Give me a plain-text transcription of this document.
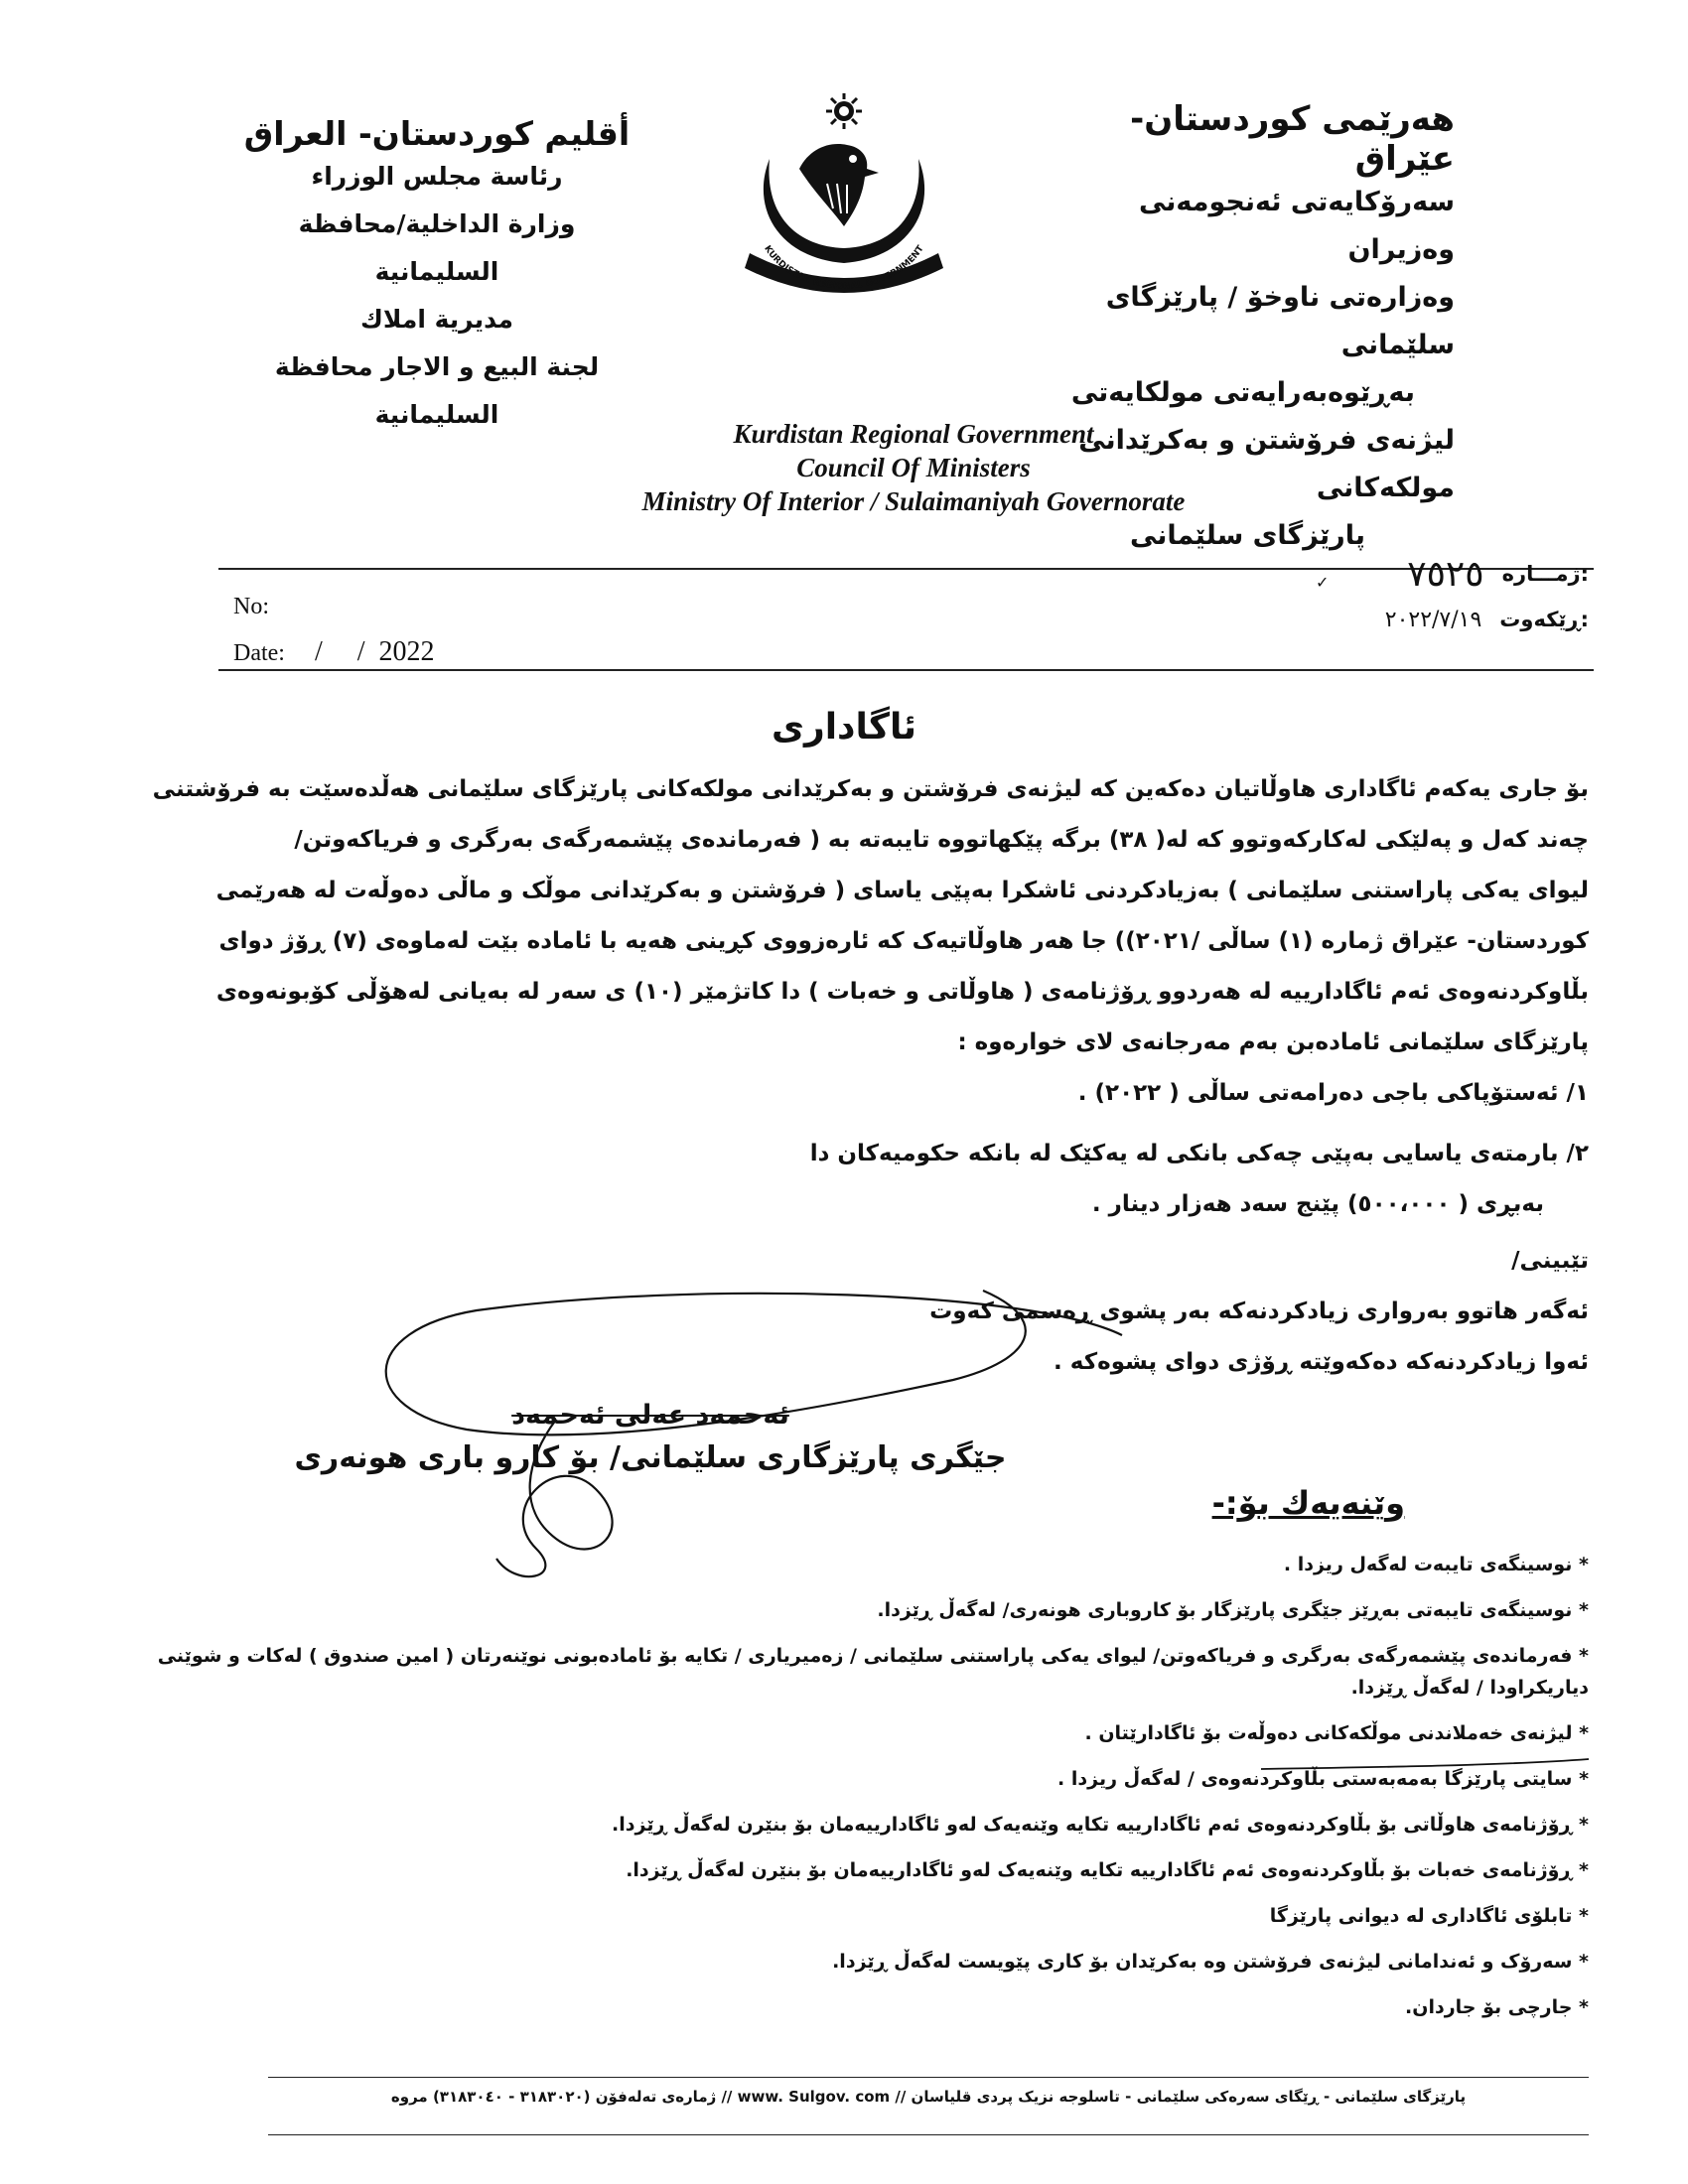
هەرێمی کوردستان- عێراق
سەرۆکایەتی ئەنجومەنی وەزیران
وەزارەتی ناوخۆ / پارێزگای سلێمانی
بەڕێوەبەرایەتی مولکایەتی
لیژنەی فرۆشتن و بەکرێدانی مولکەکانی
پارێزگای سلێمانی
أقليم كوردستان- العراق
رئاسة مجلس الوزراء
وزارة الداخلية/محافظة السليمانية
مديرية املاك
لجنة البيع و الاجار محافظة السليمانية
KURDISTAN REGIONAL GOVERNMENT
Kurdistan Regional Government
Council Of Ministers
Ministry Of Interior / Sulaimaniyah Governorate
No:
Date: /     /  2022
ژمـــارە:
٧٥٢٥
ڕێکەوت:
٢٠٢٢/٧/١٩
ئاگاداری

بۆ جاری یەکەم ئاگاداری هاوڵاتیان دەکەین کە لیژنەی فرۆشتن و بەکرێدانی مولکەکانی پارێزگای سلێمانی هەڵدەسێت بە فرۆشتنی

چەند کەل و پەلێکی لەکارکەوتوو کە لە( ٣٨) برگە پێکهاتووە تایبەتە بە ( فەرماندەی پێشمەرگەی بەرگری و فریاکەوتن/

لیوای یەکی پاراستنی سلێمانی ) بەزیادکردنی ئاشکرا بەپێی یاسای ( فرۆشتن و بەکرێدانی موڵک و ماڵی دەوڵەت لە هەرێمی

کوردستان- عێراق ژمارە (١) ساڵی /٢٠٢١)) جا هەر هاوڵاتیەک کە ئارەزووی کڕینی هەیە با ئامادە بێت لەماوەی (٧) ڕۆژ دوای

بڵاوکردنەوەی ئەم ئاگادارییە لە هەردوو ڕۆژنامەی ( هاوڵاتی و خەبات ) دا کاتژمێر (١٠) ی سەر لە بەیانی لەهۆڵی کۆبونەوەی

پارێزگای سلێمانی ئامادەبن بەم مەرجانەی لای خوارەوە :

١/ ئەستۆپاکی باجی دەرامەتی ساڵی ( ٢٠٢٢) .

٢/ بارمتەی یاسایی بەپێی چەکی بانکی لە یەکێک لە بانکە حکومیەکان دا

بەبڕی ( ٥٠٠،٠٠٠) پێنج سەد هەزار دینار .

تێبینی/

ئەگەر هاتوو بەرواری زیادکردنەکە بەر پشوی ڕەسمی کەوت

ئەوا زیادکردنەکە دەکەوێتە ڕۆژی دوای پشوەکە .

ئەحمەد عەلی ئەحمەد
جێگری پارێزگاری سلێمانی/ بۆ کارو باری هونەری
وێنەیەك بۆ:-
* نوسینگەی تایبەت لەگەل ریزدا .
* نوسینگەی تایبەتی بەڕێز جێگری پارێزگار بۆ کاروباری هونەری/ لەگەڵ ڕێزدا.
* فەرماندەی پێشمەرگەی بەرگری و فریاکەوتن/ لیوای یەکی پاراستنی سلێمانی / زەمیریاری / تکایە بۆ ئامادەبونی نوێنەرتان ( امین صندوق ) لەکات و شوێنی دیاریکراودا / لەگەڵ ڕێزدا.
* لیژنەی خەملاندنی موڵکەکانی دەوڵەت بۆ ئاگادارێتان .
* سایتی پارێزگا بەمەبەستی بڵاوکردنەوەی / لەگەڵ ریزدا .
* ڕۆژنامەی هاوڵاتی بۆ بڵاوکردنەوەی ئەم ئاگادارییە تکایە وێنەیەک لەو ئاگادارییەمان بۆ بنێرن لەگەڵ ڕێزدا.
* ڕۆژنامەی خەبات بۆ بڵاوکردنەوەی ئەم ئاگادارییە تکایە وێنەیەک لەو ئاگادارییەمان بۆ بنێرن لەگەڵ ڕێزدا.
* تابلۆی ئاگاداری لە دیوانی پارێزگا
* سەرۆک و ئەندامانی لیژنەی فرۆشتن وە بەکرێدان بۆ کاری پێویست لەگەڵ ڕێزدا.
* جارچی بۆ جاردان.
پارێزگای سلێمانی - ڕێگای سەرەکی سلێمانی - تاسلوجە نزیک پردی قلیاسان // www. Sulgov. com // ژمارەی تەلەفۆن (٣١٨٣٠٢٠ - ٣١٨٣٠٤٠) مروە
✓
